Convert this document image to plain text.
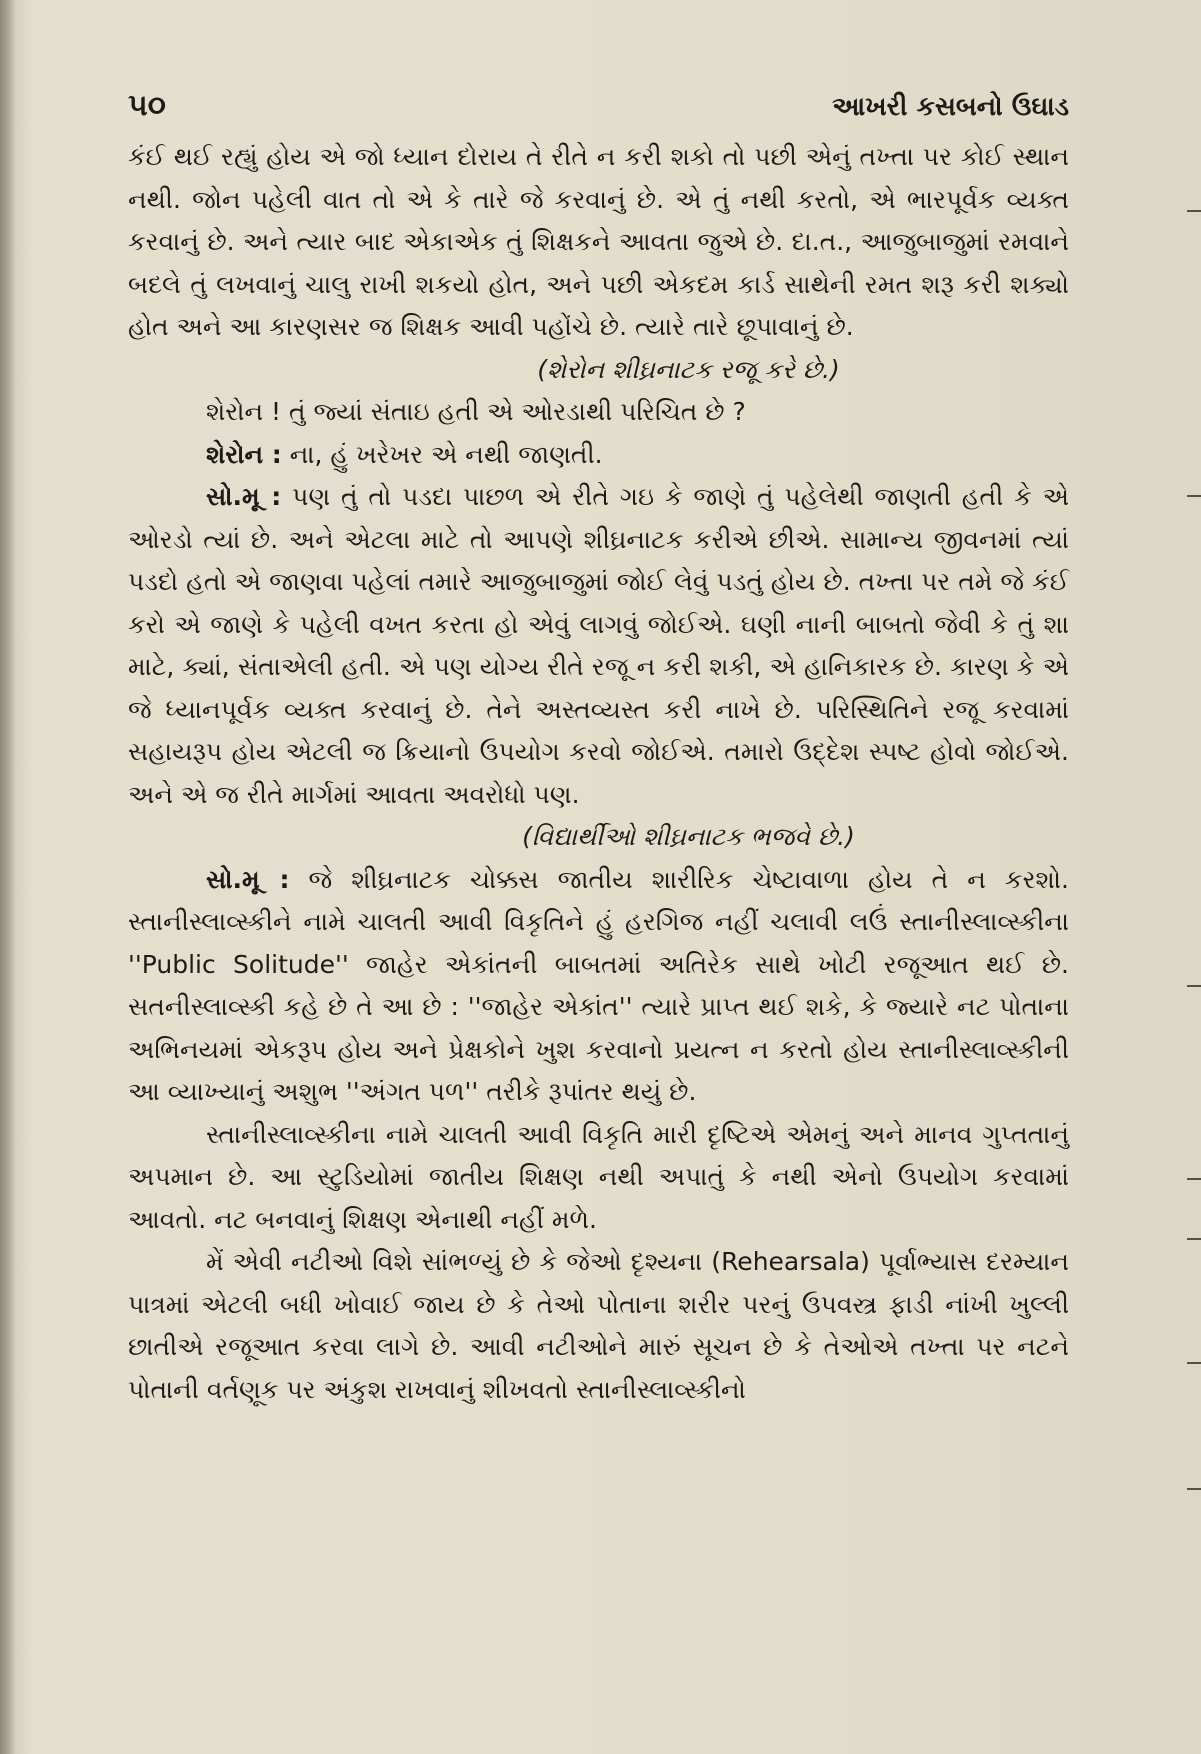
૫૦	આખરી કસબનો ઉઘાડ

કંઈ થઈ રહ્યું હોય એ જો ધ્યાન દોરાય તે રીતે ન કરી શકો તો પછી એનું તખ્તા પર કોઈ સ્થાન નથી. જોન પહેલી વાત તો એ કે તારે જે કરવાનું છે. એ તું નથી કરતો, એ ભારપૂર્વક વ્યક્ત કરવાનું છે. અને ત્યાર બાદ એકાએક તું શિક્ષકને આવતા જુએ છે. દા.ત., આજુબાજુમાં રમવાને બદલે તું લખવાનું ચાલુ રાખી શકયો હોત, અને પછી એકદમ કાર્ડ સાથેની રમત શરૂ કરી શક્યો હોત અને આ કારણસર જ શિક્ષક આવી પહોંચે છે. ત્યારે તારે છૂપાવાનું છે.

(શેરોન શીઘ્રનાટક રજૂ કરે છે.)

શેરોન ! તું જ્યાં સંતાઇ હતી એ ઓરડાથી પરિચિત છે ?

શેરોન : ના, હું ખરેખર એ નથી જાણતી.

સો.મૂ : પણ તું તો પડદા પાછળ એ રીતે ગઇ કે જાણે તું પહેલેથી જાણતી હતી કે એ ઓરડો ત્યાં છે. અને એટલા માટે તો આપણે શીઘ્રનાટક કરીએ છીએ. સામાન્ય જીવનમાં ત્યાં પડદો હતો એ જાણવા પહેલાં તમારે આજુબાજુમાં જોઈ લેવું પડતું હોય છે. તખ્તા પર તમે જે કંઈ કરો એ જાણે કે પહેલી વખત કરતા હો એવું લાગવું જોઈએ. ઘણી નાની બાબતો જેવી કે તું શા માટે, ક્યાં, સંતાએલી હતી. એ પણ યોગ્ય રીતે રજૂ ન કરી શકી, એ હાનિકારક છે. કારણ કે એ જે ધ્યાનપૂર્વક વ્યક્ત કરવાનું છે. તેને અસ્તવ્યસ્ત કરી નાખે છે. પરિસ્થિતિને રજૂ કરવામાં સહાયરૂપ હોય એટલી જ ક્રિયાનો ઉપયોગ કરવો જોઈએ. તમારો ઉદ્દેશ સ્પષ્ટ હોવો જોઈએ. અને એ જ રીતે માર્ગમાં આવતા અવરોધો પણ.

(વિદ્યાર્થીઓ શીઘ્રનાટક ભજવે છે.)

સો.મૂ : જે શીઘ્રનાટક ચોક્કસ જાતીય શારીરિક ચેષ્ટાવાળા હોય તે ન કરશો. સ્તાનીસ્લાવ્સ્કીને નામે ચાલતી આવી વિકૃતિને હું હરગિજ નહીં ચલાવી લઉં સ્તાનીસ્લાવ્સ્કીના ''Public Solitude'' જાહેર એકાંતની બાબતમાં અતિરેક સાથે ખોટી રજૂઆત થઈ છે. સતનીસ્લાવ્સ્કી કહે છે તે આ છે : ''જાહેર એકાંત'' ત્યારે પ્રાપ્ત થઈ શકે, કે જ્યારે નટ પોતાના અભિનયમાં એકરૂપ હોય અને પ્રેક્ષકોને ખુશ કરવાનો પ્રયત્ન ન કરતો હોય સ્તાનીસ્લાવ્સ્કીની આ વ્યાખ્યાનું અશુભ ''અંગત પળ'' તરીકે રૂપાંતર થયું છે.

સ્તાનીસ્લાવ્સ્કીના નામે ચાલતી આવી વિકૃતિ મારી દૃષ્ટિએ એમનું અને માનવ ગુપ્તતાનું અપમાન છે. આ સ્ટુડિયોમાં જાતીય શિક્ષણ નથી અપાતું કે નથી એનો ઉપયોગ કરવામાં આવતો. નટ બનવાનું શિક્ષણ એનાથી નહીં મળે.

મેં એવી નટીઓ વિશે સાંભળ્યું છે કે જેઓ દૃશ્યના (Rehearsala) પૂર્વાભ્યાસ દરમ્યાન પાત્રમાં એટલી બધી ખોવાઈ જાય છે કે તેઓ પોતાના શરીર પરનું ઉપવસ્ત્ર ફાડી નાંખી ખુલ્લી છાતીએ રજૂઆત કરવા લાગે છે. આવી નટીઓને મારું સૂચન છે કે તેઓએ તખ્તા પર નટને પોતાની વર્તણૂક પર અંકુશ રાખવાનું શીખવતો સ્તાનીસ્લાવ્સ્કીનો
